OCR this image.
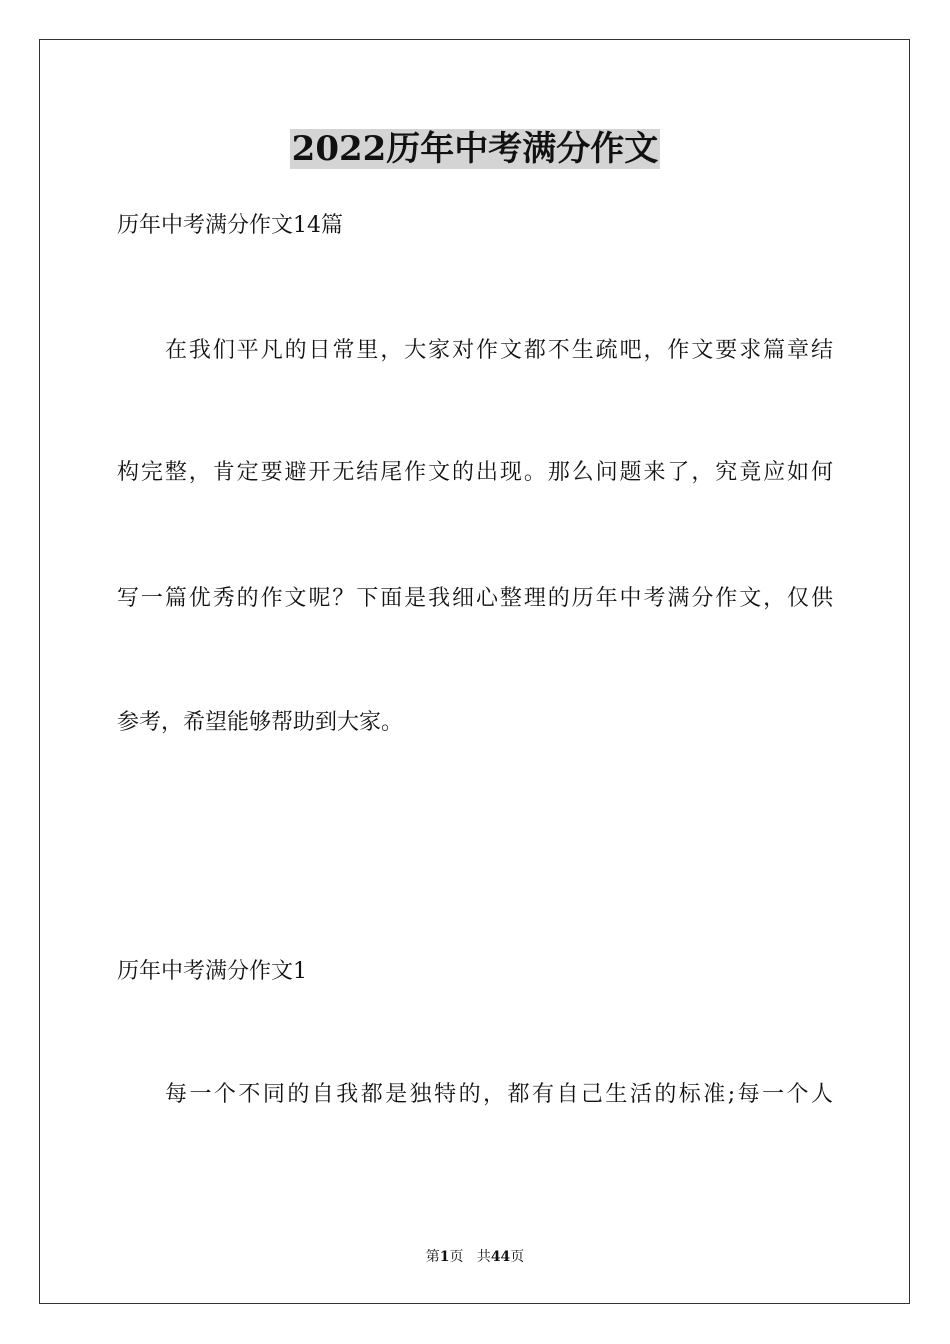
2022历年中考满分作文
历年中考满分作文14篇
在我们平凡的日常里，大家对作文都不生疏吧，作文要求篇章结
构完整，肯定要避开无结尾作文的出现。那么问题来了，究竟应如何
写一篇优秀的作文呢？下面是我细心整理的历年中考满分作文，仅供
参考，希望能够帮助到大家。
历年中考满分作文1
每一个不同的自我都是独特的，都有自己生活的标准;每一个人
第1页 共44页
